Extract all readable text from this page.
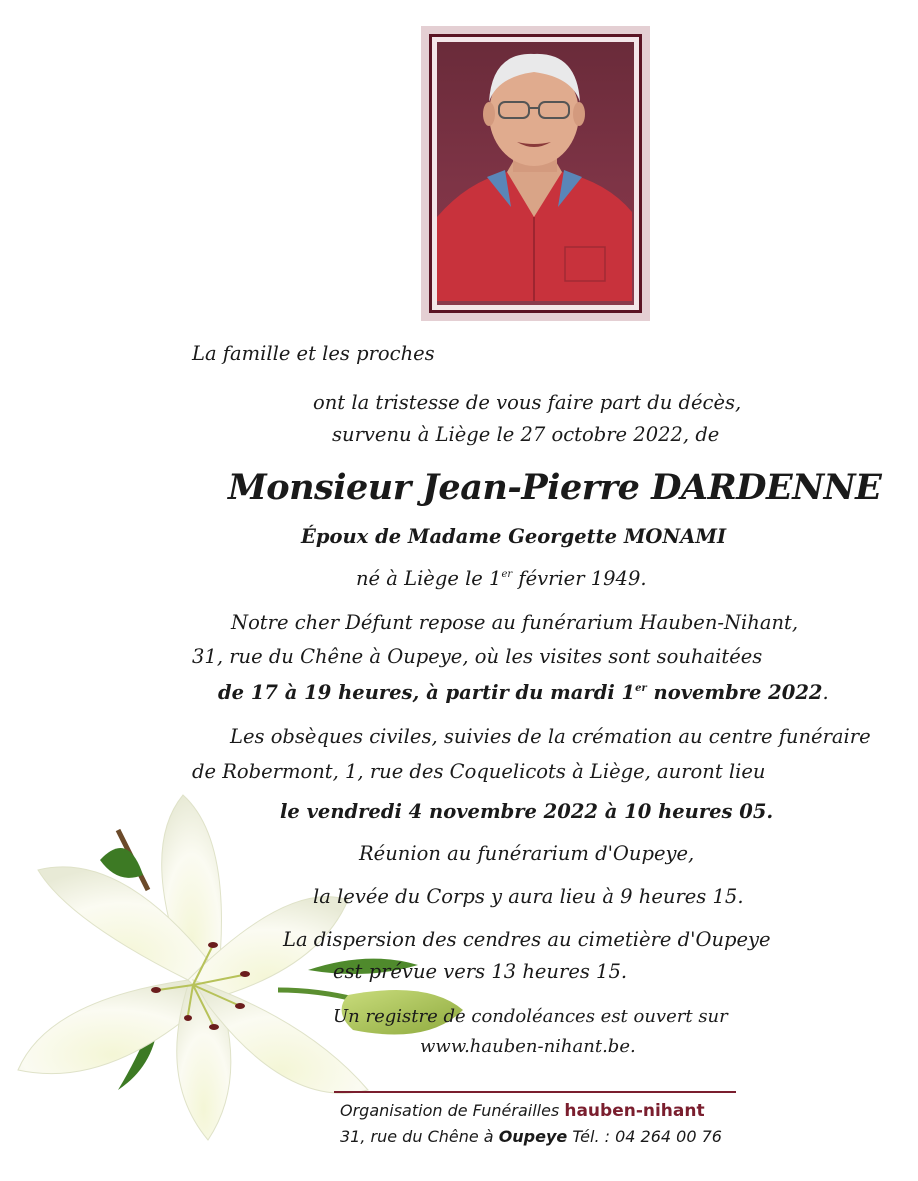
La famille et les proches
ont la tristesse de vous faire part du décès,
survenu à Liège le 27 octobre 2022, de
Monsieur Jean-Pierre DARDENNE
Époux de Madame Georgette MONAMI
né à Liège le 1er février 1949.
Notre cher Défunt repose au funérarium Hauben-Nihant,
31, rue du Chêne à Oupeye, où les visites sont souhaitées
de 17 à 19 heures, à partir du mardi 1er novembre 2022.
Les obsèques civiles, suivies de la crémation au centre funéraire
de Robermont, 1, rue des Coquelicots à Liège, auront lieu
le vendredi 4 novembre 2022 à 10 heures 05.
Réunion au funérarium d'Oupeye,
la levée du Corps y aura lieu à 9 heures 15.
La dispersion des cendres au cimetière d'Oupeye
est prévue vers 13 heures 15.
Un registre de condoléances est ouvert sur
www.hauben-nihant.be.
Organisation de Funérailles hauben-nihant
31, rue du Chêne à Oupeye Tél. : 04 264 00 76
